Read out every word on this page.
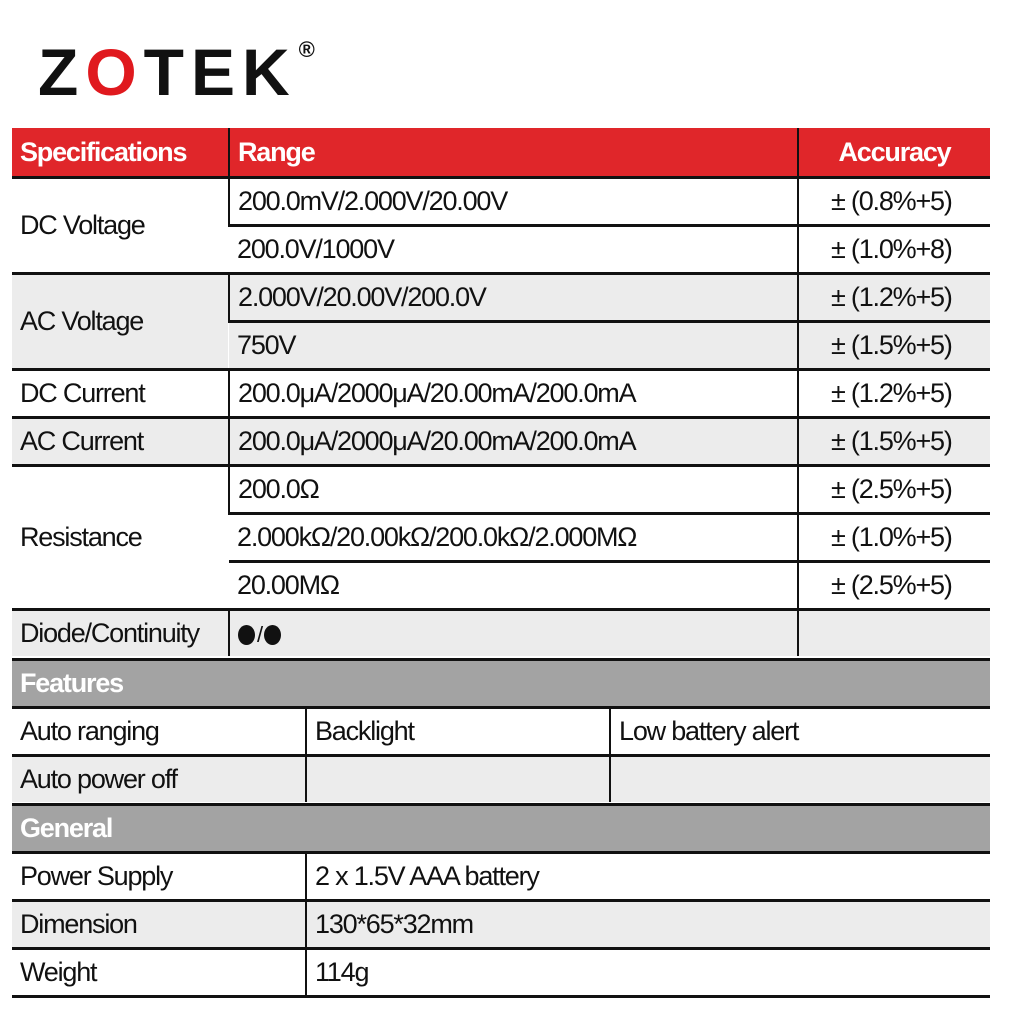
ZOTEK ®
Specifications	Range	Accuracy
DC Voltage	200.0mV/2.000V/20.00V	± (0.8%+5)
	200.0V/1000V	± (1.0%+8)
AC Voltage	2.000V/20.00V/200.0V	± (1.2%+5)
	750V	± (1.5%+5)
DC Current	200.0μA/2000μA/20.00mA/200.0mA	± (1.2%+5)
AC Current	200.0μA/2000μA/20.00mA/200.0mA	± (1.5%+5)
Resistance	200.0Ω	± (2.5%+5)
	2.000kΩ/20.00kΩ/200.0kΩ/2.000MΩ	± (1.0%+5)
	20.00MΩ	± (2.5%+5)
Diode/Continuity	/	
Features		
Auto ranging	Backlight	Low battery alert
Auto power off		
General	
Power Supply	2 x 1.5V AAA battery
Dimension	130*65*32mm
Weight	114g
